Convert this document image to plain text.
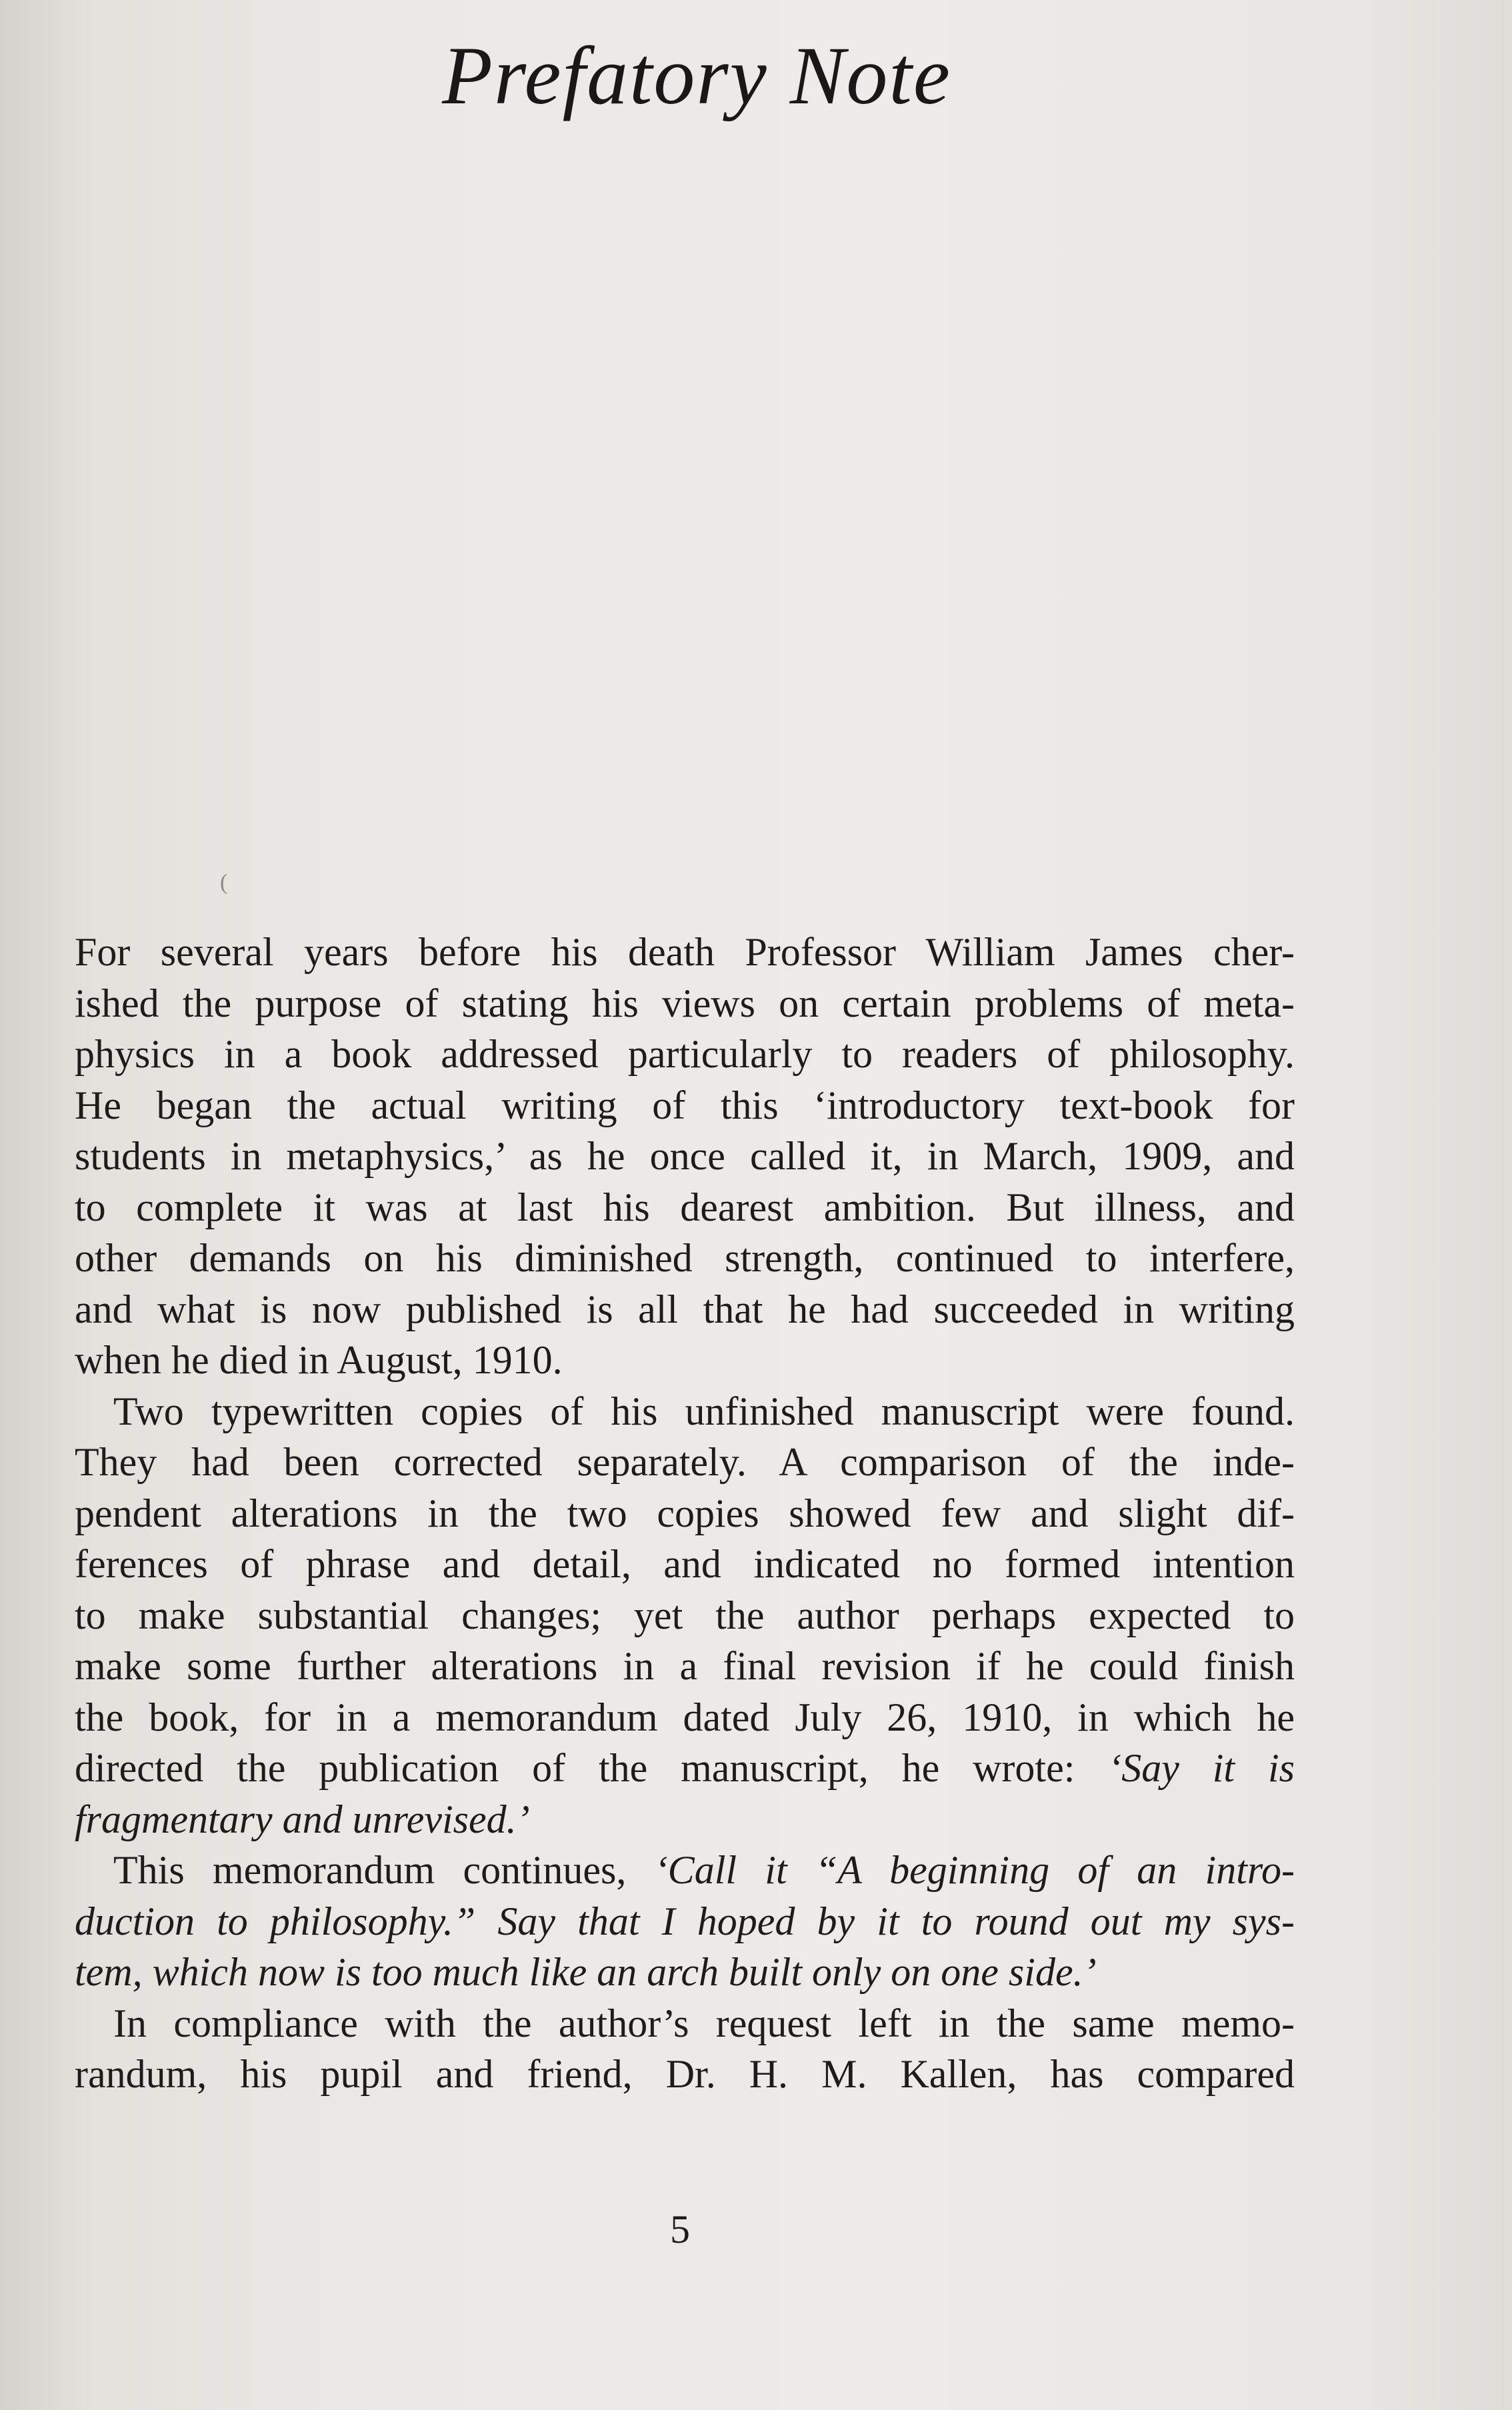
Prefatory Note
(
For several years before his death Professor William James cher-
ished the purpose of stating his views on certain problems of meta-
physics in a book addressed particularly to readers of philosophy.
He began the actual writing of this ‘introductory text-book for
students in metaphysics,’ as he once called it, in March, 1909, and
to complete it was at last his dearest ambition. But illness, and
other demands on his diminished strength, continued to interfere,
and what is now published is all that he had succeeded in writing
when he died in August, 1910.
Two typewritten copies of his unfinished manuscript were found.
They had been corrected separately. A comparison of the inde-
pendent alterations in the two copies showed few and slight dif-
ferences of phrase and detail, and indicated no formed intention
to make substantial changes; yet the author perhaps expected to
make some further alterations in a final revision if he could finish
the book, for in a memorandum dated July 26, 1910, in which he
directed the publication of the manuscript, he wrote: ‘Say it is
fragmentary and unrevised.’
This memorandum continues, ‘Call it “A beginning of an intro-
duction to philosophy.” Say that I hoped by it to round out my sys-
tem, which now is too much like an arch built only on one side.’
In compliance with the author’s request left in the same memo-
randum, his pupil and friend, Dr. H. M. Kallen, has compared
5
